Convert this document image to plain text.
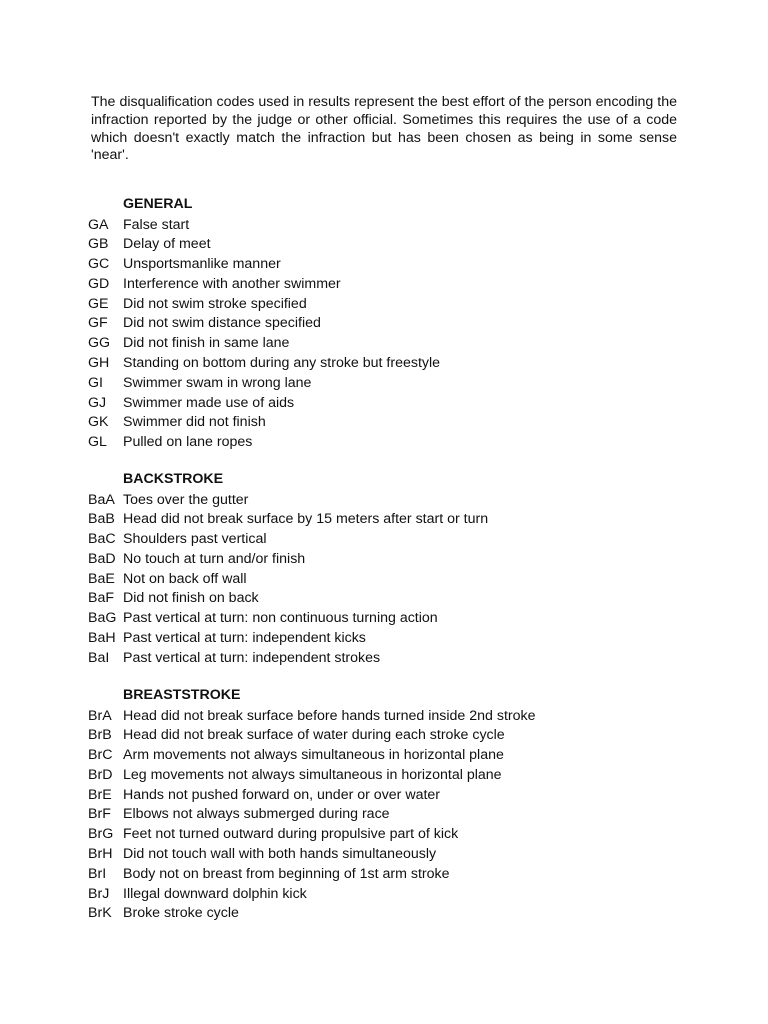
The disqualification codes used in results represent the best effort of the person encoding the infraction reported by the judge or other official. Sometimes this requires the use of a code which doesn't exactly match the infraction but has been chosen as being in some sense 'near'.

GENERAL
GA	False start
GB	Delay of meet
GC Unsportsmanlike manner
GD Interference with another swimmer
GE	Did not swim stroke specified
GF	Did not swim distance specified
GG Did not finish in same lane
GH Standing on bottom during any stroke but freestyle
GI	Swimmer swam in wrong lane
GJ	Swimmer made use of aids
GK	Swimmer did not finish
GL	Pulled on lane ropes
BACKSTROKE
BaA Toes over the gutter
BaB Head did not break surface by 15 meters after start or turn
BaC Shoulders past vertical
BaD No touch at turn and/or finish
BaE Not on back off wall
BaF Did not finish on back
BaG Past vertical at turn: non continuous turning action
BaH Past vertical at turn: independent kicks
BaI Past vertical at turn: independent strokes
BREASTSTROKE
BrA Head did not break surface before hands turned inside 2nd stroke
BrB Head did not break surface of water during each stroke cycle
BrC Arm movements not always simultaneous in horizontal plane
BrD Leg movements not always simultaneous in horizontal plane
BrE Hands not pushed forward on, under or over water
BrF Elbows not always submerged during race
BrG Feet not turned outward during propulsive part of kick
BrH Did not touch wall with both hands simultaneously
BrI	Body not on breast from beginning of 1st arm stroke
BrJ Illegal downward dolphin kick
BrK Broke stroke cycle
